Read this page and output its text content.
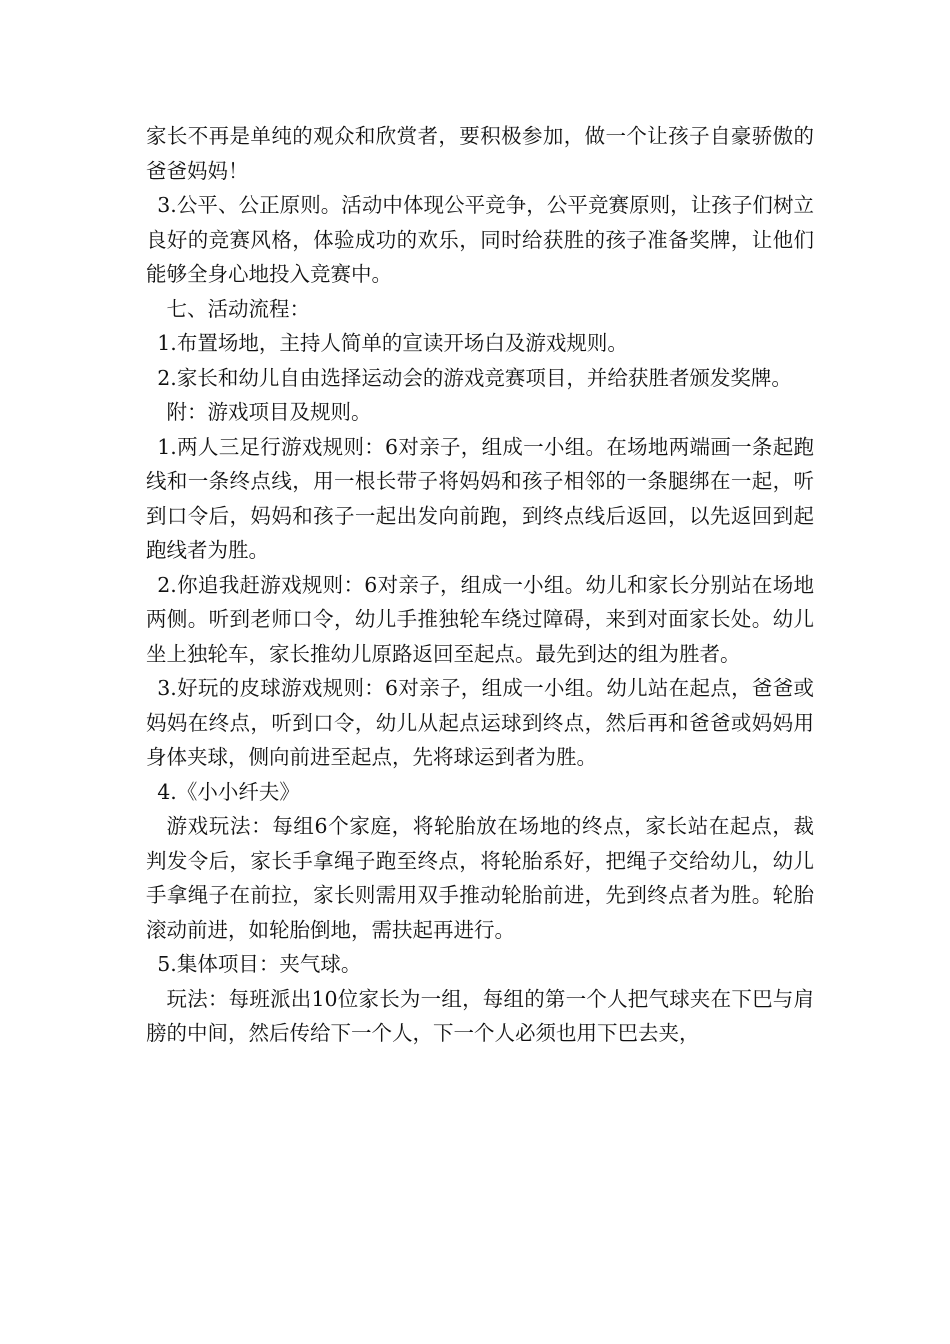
家长不再是单纯的观众和欣赏者，要积极参加，做一个让孩子自豪骄傲的爸爸妈妈！

3.公平、公正原则。活动中体现公平竞争，公平竞赛原则，让孩子们树立良好的竞赛风格，体验成功的欢乐，同时给获胜的孩子准备奖牌，让他们能够全身心地投入竞赛中。

七、活动流程：

1.布置场地，主持人简单的宣读开场白及游戏规则。

2.家长和幼儿自由选择运动会的游戏竞赛项目，并给获胜者颁发奖牌。

附：游戏项目及规则。

1.两人三足行游戏规则：6对亲子，组成一小组。在场地两端画一条起跑线和一条终点线，用一根长带子将妈妈和孩子相邻的一条腿绑在一起，听到口令后，妈妈和孩子一起出发向前跑，到终点线后返回，以先返回到起跑线者为胜。

2.你追我赶游戏规则：6对亲子，组成一小组。幼儿和家长分别站在场地两侧。听到老师口令，幼儿手推独轮车绕过障碍，来到对面家长处。幼儿坐上独轮车，家长推幼儿原路返回至起点。最先到达的组为胜者。

3.好玩的皮球游戏规则：6对亲子，组成一小组。幼儿站在起点，爸爸或妈妈在终点，听到口令，幼儿从起点运球到终点，然后再和爸爸或妈妈用身体夹球，侧向前进至起点，先将球运到者为胜。

4.《小小纤夫》

游戏玩法：每组6个家庭，将轮胎放在场地的终点，家长站在起点，裁判发令后，家长手拿绳子跑至终点，将轮胎系好，把绳子交给幼儿，幼儿手拿绳子在前拉，家长则需用双手推动轮胎前进，先到终点者为胜。轮胎滚动前进，如轮胎倒地，需扶起再进行。

5.集体项目：夹气球。

玩法：每班派出10位家长为一组，每组的第一个人把气球夹在下巴与肩膀的中间，然后传给下一个人，下一个人必须也用下巴去夹，
